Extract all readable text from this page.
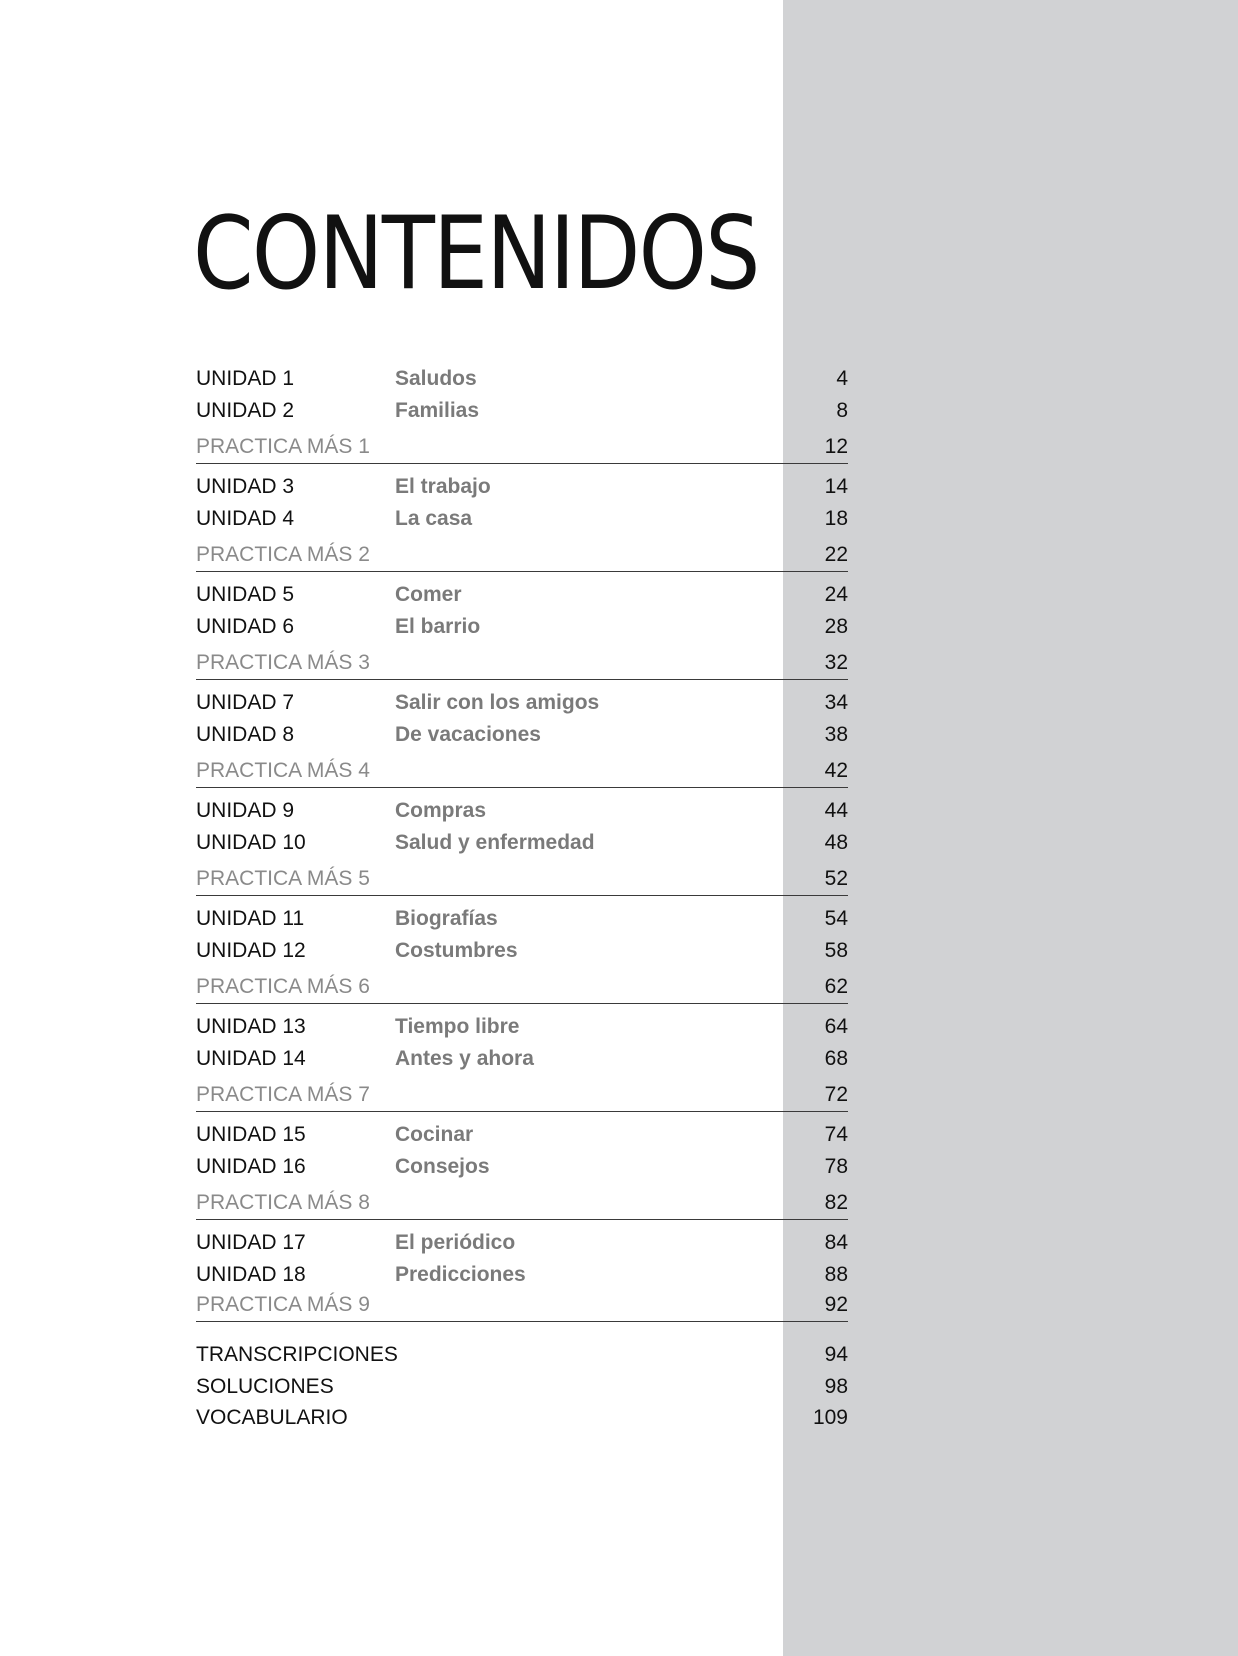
CONTENIDOS
UNIDAD 1	Saludos	4
UNIDAD 2	Familias	8
PRACTICA MÁS 1	12
UNIDAD 3	El trabajo	14
UNIDAD 4	La casa	18
PRACTICA MÁS 2	22
UNIDAD 5	Comer	24
UNIDAD 6	El barrio	28
PRACTICA MÁS 3	32
UNIDAD 7	Salir con los amigos	34
UNIDAD 8	De vacaciones	38
PRACTICA MÁS 4	42
UNIDAD 9	Compras	44
UNIDAD 10	Salud y enfermedad	48
PRACTICA MÁS 5	52
UNIDAD 11	Biografías	54
UNIDAD 12	Costumbres	58
PRACTICA MÁS 6	62
UNIDAD 13	Tiempo libre	64
UNIDAD 14	Antes y ahora	68
PRACTICA MÁS 7	72
UNIDAD 15	Cocinar	74
UNIDAD 16	Consejos	78
PRACTICA MÁS 8	82
UNIDAD 17	El periódico	84
UNIDAD 18	Predicciones	88
PRACTICA MÁS 9	92
TRANSCRIPCIONES	94
SOLUCIONES	98
VOCABULARIO	109
